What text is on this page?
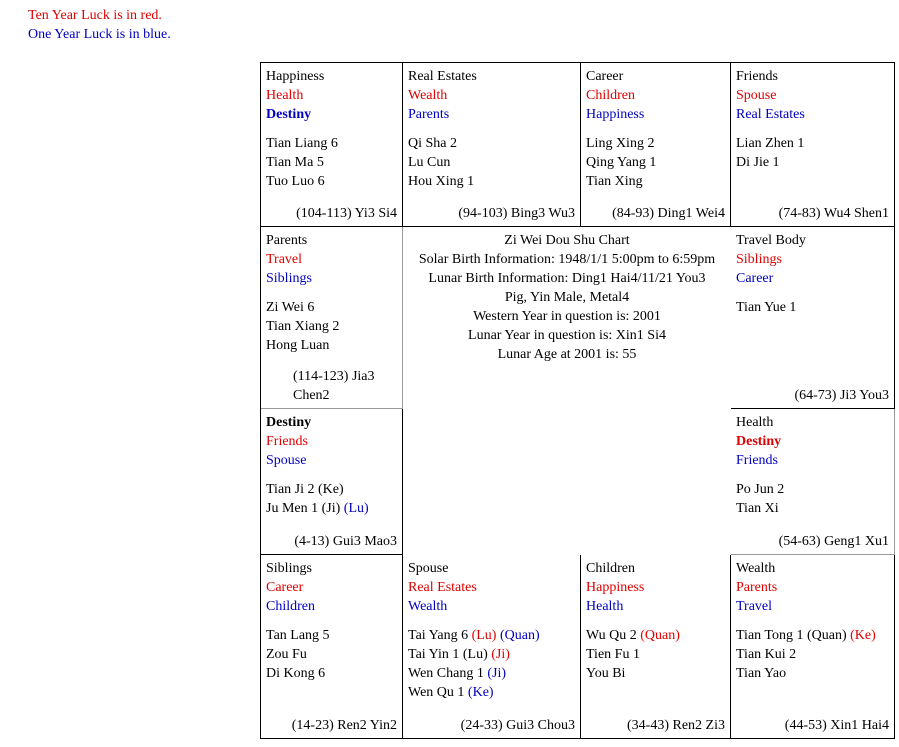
Ten Year Luck is in red.
One Year Luck is in blue.
Happiness
Health
Destiny
Tian Liang 6
Tian Ma 5
Tuo Luo 6
(104-113) Yi3 Si4
Real Estates
Wealth
Parents
Qi Sha 2
Lu Cun
Hou Xing 1
(94-103) Bing3 Wu3
Career
Children
Happiness
Ling Xing 2
Qing Yang 1
Tian Xing
(84-93) Ding1 Wei4
Friends
Spouse
Real Estates
Lian Zhen 1
Di Jie 1
(74-83) Wu4 Shen1
Parents
Travel
Siblings
Zi Wei 6
Tian Xiang 2
Hong Luan
(114-123) Jia3 Chen2
Travel Body
Siblings
Career
Tian Yue 1
(64-73) Ji3 You3
Destiny
Friends
Spouse
Tian Ji 2 (Ke)
Ju Men 1 (Ji) (Lu)
(4-13) Gui3 Mao3
Health
Destiny
Friends
Po Jun 2
Tian Xi
(54-63) Geng1 Xu1
Siblings
Career
Children
Tan Lang 5
Zou Fu
Di Kong 6
(14-23) Ren2 Yin2
Spouse
Real Estates
Wealth
Tai Yang 6 (Lu) (Quan)
Tai Yin 1 (Lu) (Ji)
Wen Chang 1 (Ji)
Wen Qu 1 (Ke)
(24-33) Gui3 Chou3
Children
Happiness
Health
Wu Qu 2 (Quan)
Tien Fu 1
You Bi
(34-43) Ren2 Zi3
Wealth
Parents
Travel
Tian Tong 1 (Quan) (Ke)
Tian Kui 2
Tian Yao
(44-53) Xin1 Hai4
Zi Wei Dou Shu Chart
Solar Birth Information: 1948/1/1 5:00pm to 6:59pm
Lunar Birth Information: Ding1 Hai4/11/21 You3
Pig, Yin Male, Metal4
Western Year in question is: 2001
Lunar Year in question is: Xin1 Si4
Lunar Age at 2001 is: 55
